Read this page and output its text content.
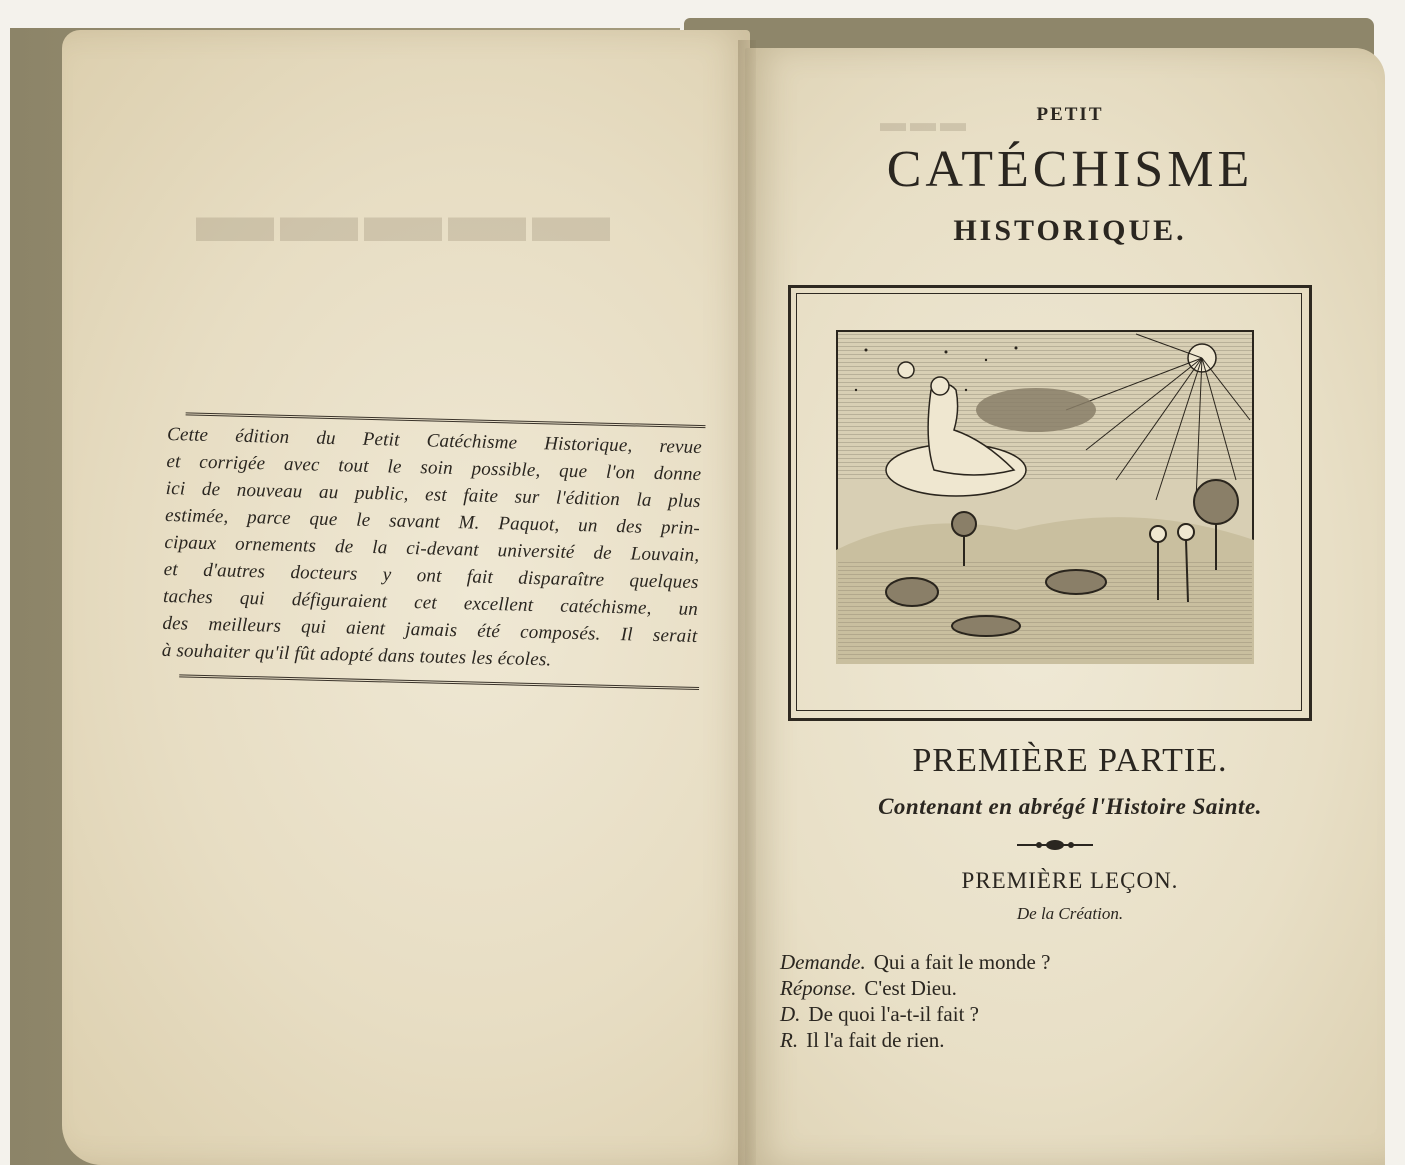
▬▬▬▬▬
▬▬▬
Cette édition du Petit Catéchisme Historique, revue
et corrigée avec tout le soin possible, que l'on donne
ici de nouveau au public, est faite sur l'édition la plus
estimée, parce que le savant M. Paquot, un des prin-
cipaux ornements de la ci-devant université de Louvain,
et d'autres docteurs y ont fait disparaître quelques
taches qui défiguraient cet excellent catéchisme, un
des meilleurs qui aient jamais été composés. Il serait
à souhaiter qu'il fût adopté dans toutes les écoles.
PETIT
CATÉCHISME
HISTORIQUE.
PREMIÈRE PARTIE.
Contenant en abrégé l'Histoire Sainte.
PREMIÈRE LEÇON.
De la Création.
Demande. Qui a fait le monde ?
Réponse. C'est Dieu.
D. De quoi l'a-t-il fait ?
R. Il l'a fait de rien.
